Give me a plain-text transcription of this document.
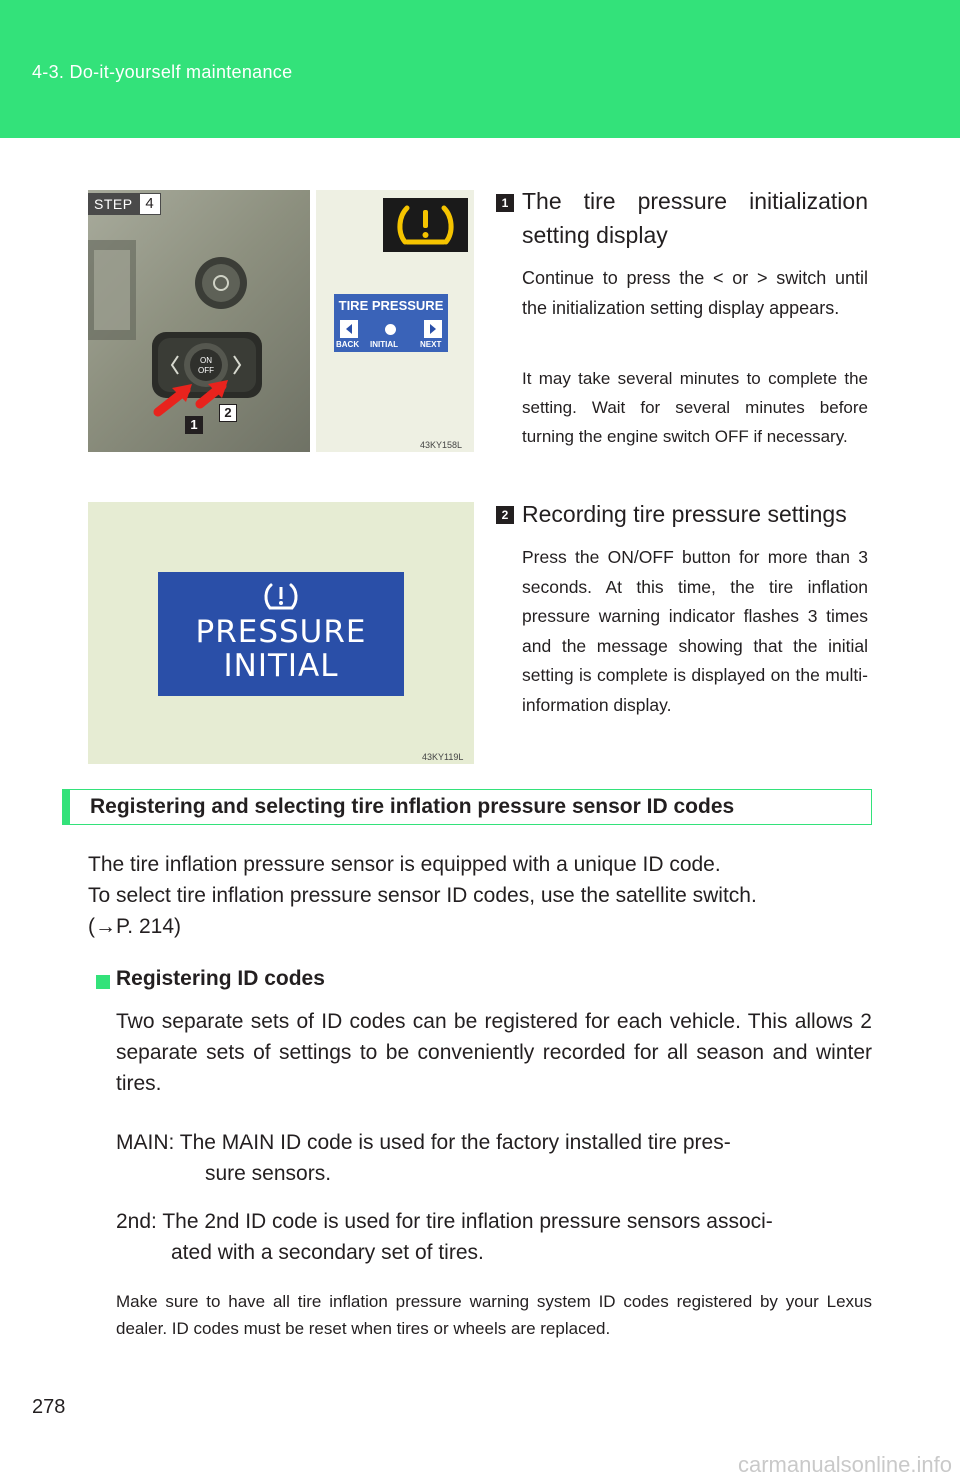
4-3. Do-it-yourself maintenance
STEP 4
ON
OFF
1
2
TIRE PRESSURE
BACK INITIAL	NEXT
43KY158L
PRESSURE
INITIAL
43KY119L
1 The tire pressure initialization setting display
Continue to press the < or > switch until the initialization setting display appears.
It may take several minutes to complete the setting. Wait for several minutes before turning the engine switch OFF if necessary.
2 Recording tire pressure settings
Press the ON/OFF button for more than 3 seconds. At this time, the tire inflation pressure warning indicator flashes 3 times and the message showing that the initial setting is complete is displayed on the multi-information display.
Registering and selecting tire inflation pressure sensor ID codes
The tire inflation pressure sensor is equipped with a unique ID code.
To select tire inflation pressure sensor ID codes, use the satellite switch.
(→P. 214)
Registering ID codes
Two separate sets of ID codes can be registered for each vehicle. This allows 2 separate sets of settings to be conveniently recorded for all season and winter tires.
MAIN: The MAIN ID code is used for the factory installed tire pres-
sure sensors.
2nd: The 2nd ID code is used for tire inflation pressure sensors associ-
ated with a secondary set of tires.
Make sure to have all tire inflation pressure warning system ID codes registered by your Lexus dealer. ID codes must be reset when tires or wheels are replaced.
278
carmanualsonline.info
